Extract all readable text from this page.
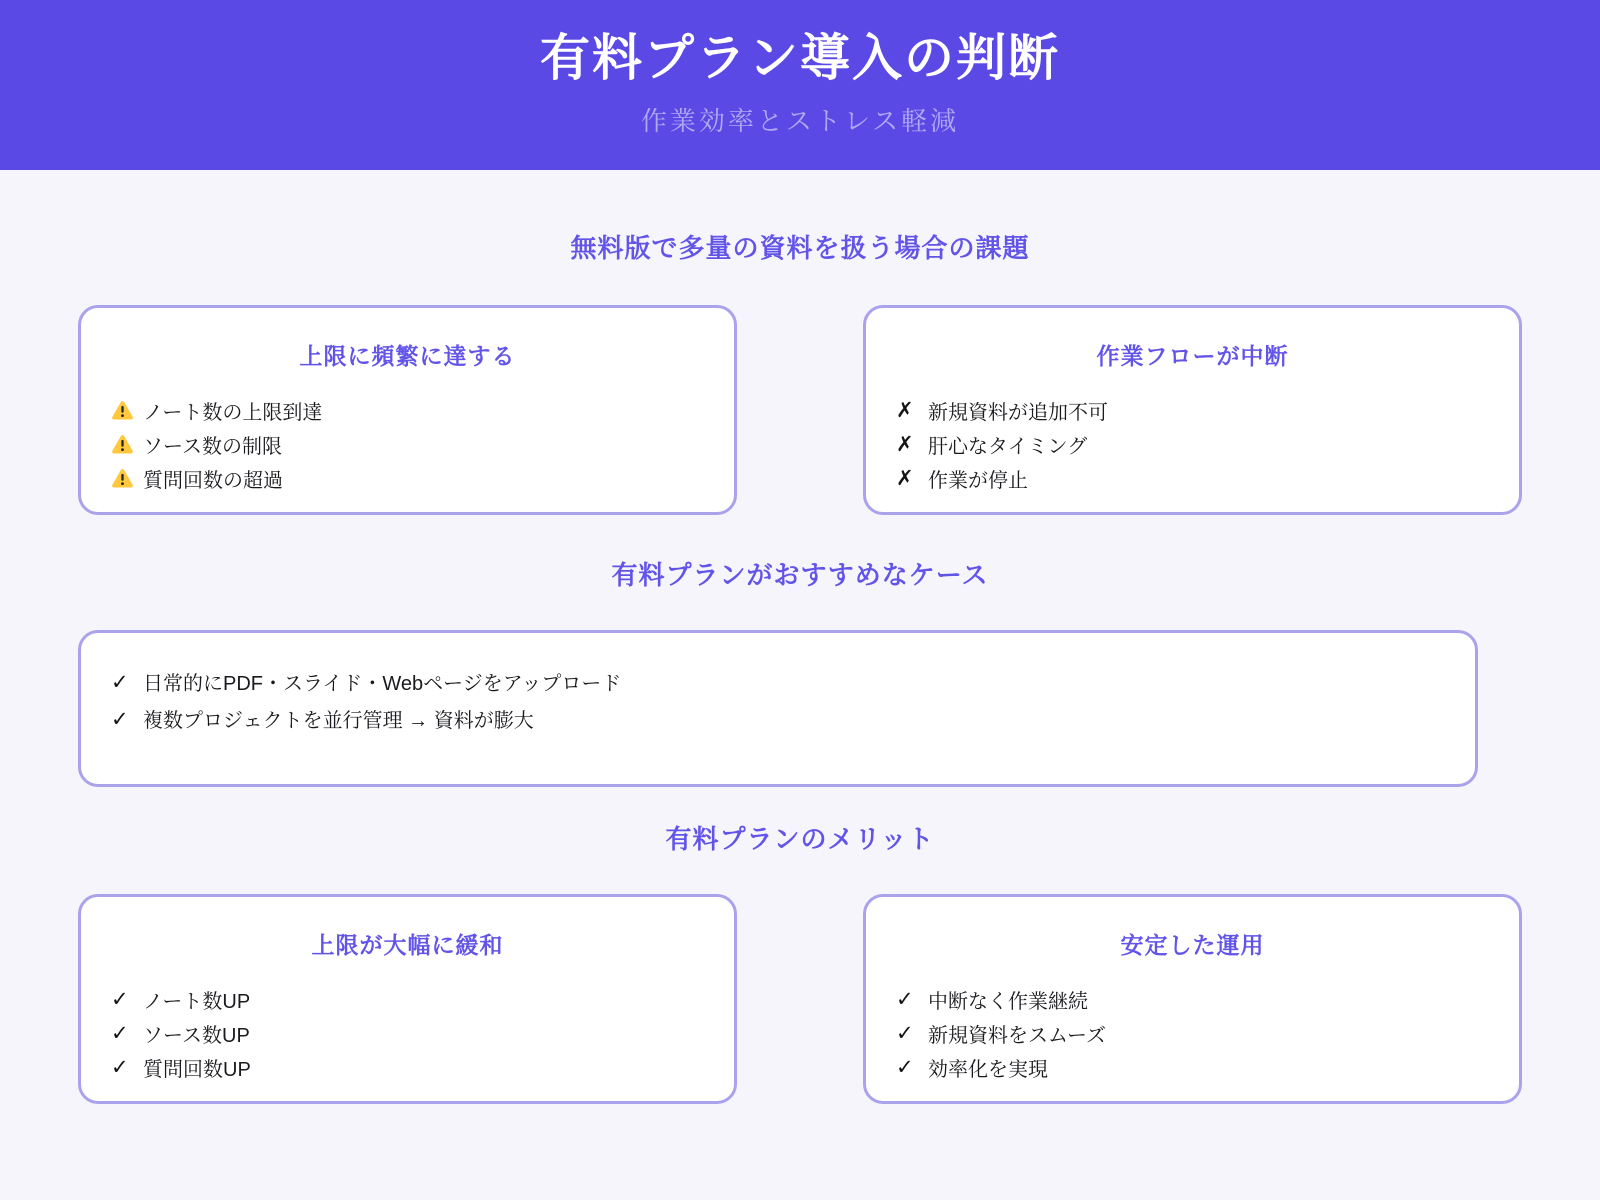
有料プラン導入の判断

作業効率とストレス軽減

無料版で多量の資料を扱う場合の課題
上限に頻繁に達する
ノート数の上限到達
ソース数の制限
質問回数の超過
作業フローが中断
✗ 新規資料が追加不可
✗ 肝心なタイミング
✗ 作業が停止
有料プランがおすすめなケース
✓ 日常的にPDF・スライド・Webページをアップロード
✓ 複数プロジェクトを並行管理 → 資料が膨大
有料プランのメリット
上限が大幅に緩和
✓ ノート数UP
✓ ソース数UP
✓ 質問回数UP
安定した運用
✓ 中断なく作業継続
✓ 新規資料をスムーズ
✓ 効率化を実現
